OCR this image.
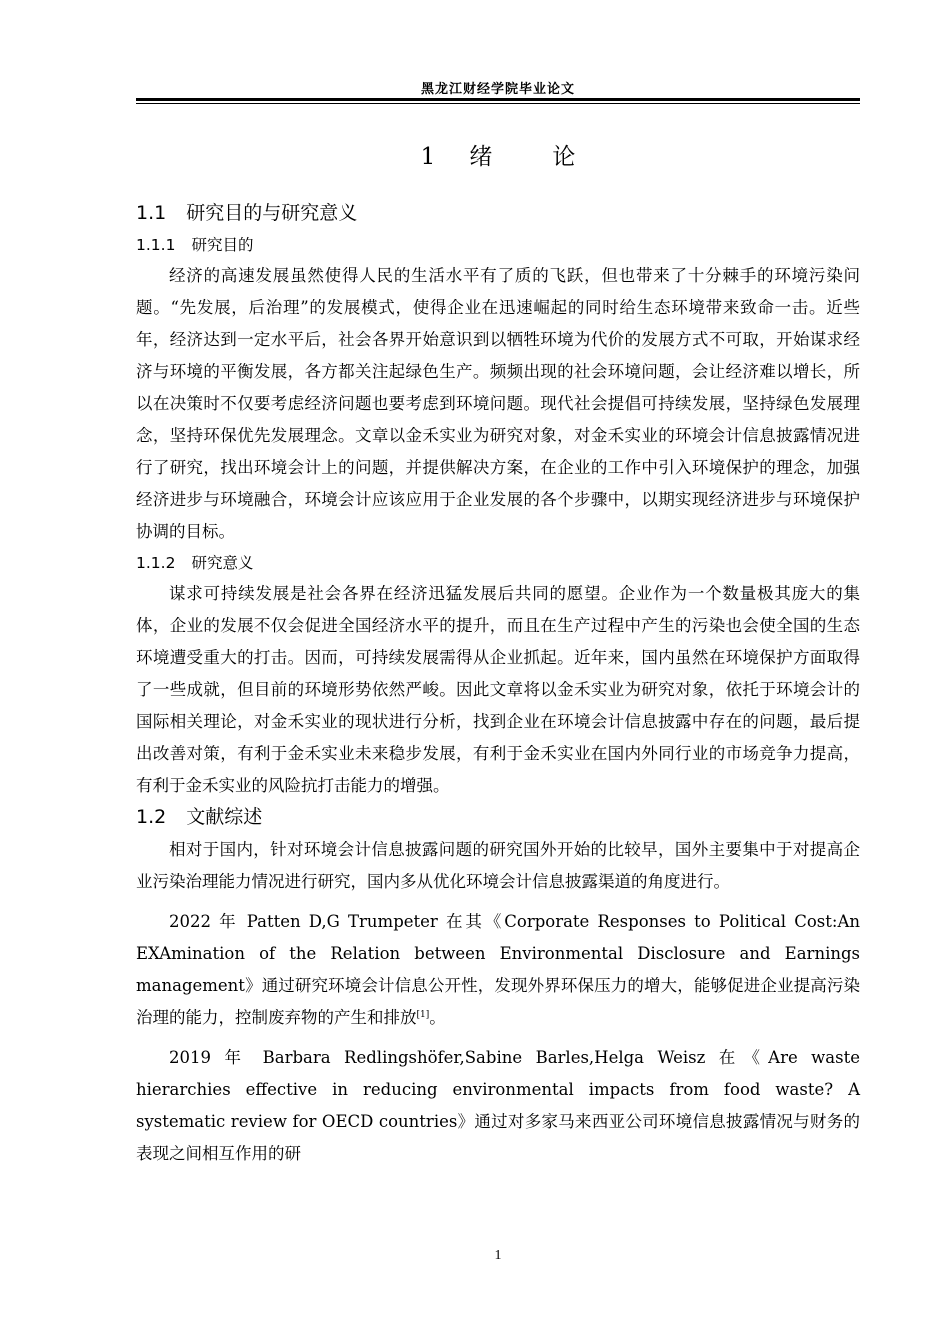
黑龙江财经学院毕业论文
1 绪	论
1.1 研究目的与研究意义
1.1.1 研究目的

经济的高速发展虽然使得人民的生活水平有了质的飞跃，但也带来了十分棘手的环境污染问题。“先发展，后治理”的发展模式，使得企业在迅速崛起的同时给生态环境带来致命一击。近些年，经济达到一定水平后，社会各界开始意识到以牺牲环境为代价的发展方式不可取，开始谋求经济与环境的平衡发展，各方都关注起绿色生产。频频出现的社会环境问题，会让经济难以增长，所以在决策时不仅要考虑经济问题也要考虑到环境问题。现代社会提倡可持续发展，坚持绿色发展理念，坚持环保优先发展理念。文章以金禾实业为研究对象，对金禾实业的环境会计信息披露情况进行了研究，找出环境会计上的问题，并提供解决方案，在企业的工作中引入环境保护的理念，加强经济进步与环境融合，环境会计应该应用于企业发展的各个步骤中，以期实现经济进步与环境保护协调的目标。

1.1.2 研究意义

谋求可持续发展是社会各界在经济迅猛发展后共同的愿望。企业作为一个数量极其庞大的集体，企业的发展不仅会促进全国经济水平的提升，而且在生产过程中产生的污染也会使全国的生态环境遭受重大的打击。因而，可持续发展需得从企业抓起。近年来，国内虽然在环境保护方面取得了一些成就，但目前的环境形势依然严峻。因此文章将以金禾实业为研究对象，依托于环境会计的国际相关理论，对金禾实业的现状进行分析，找到企业在环境会计信息披露中存在的问题，最后提出改善对策，有利于金禾实业未来稳步发展，有利于金禾实业在国内外同行业的市场竞争力提高，有利于金禾实业的风险抗打击能力的增强。

1.2 文献综述

相对于国内，针对环境会计信息披露问题的研究国外开始的比较早，国外主要集中于对提高企业污染治理能力情况进行研究，国内多从优化环境会计信息披露渠道的角度进行。

2022 年 Patten D,G Trumpeter 在其《Corporate Responses to Political Cost:An EXAmination of the Relation between Environmental Disclosure and Earnings management》通过研究环境会计信息公开性，发现外界环保压力的增大，能够促进企业提高污染治理的能力，控制废弃物的产生和排放[1]。

2019 年 Barbara Redlingshöfer,Sabine Barles,Helga Weisz 在《Are waste hierarchies effective in reducing environmental impacts from food waste? A systematic review for OECD countries》通过对多家马来西亚公司环境信息披露情况与财务的表现之间相互作用的研

1
